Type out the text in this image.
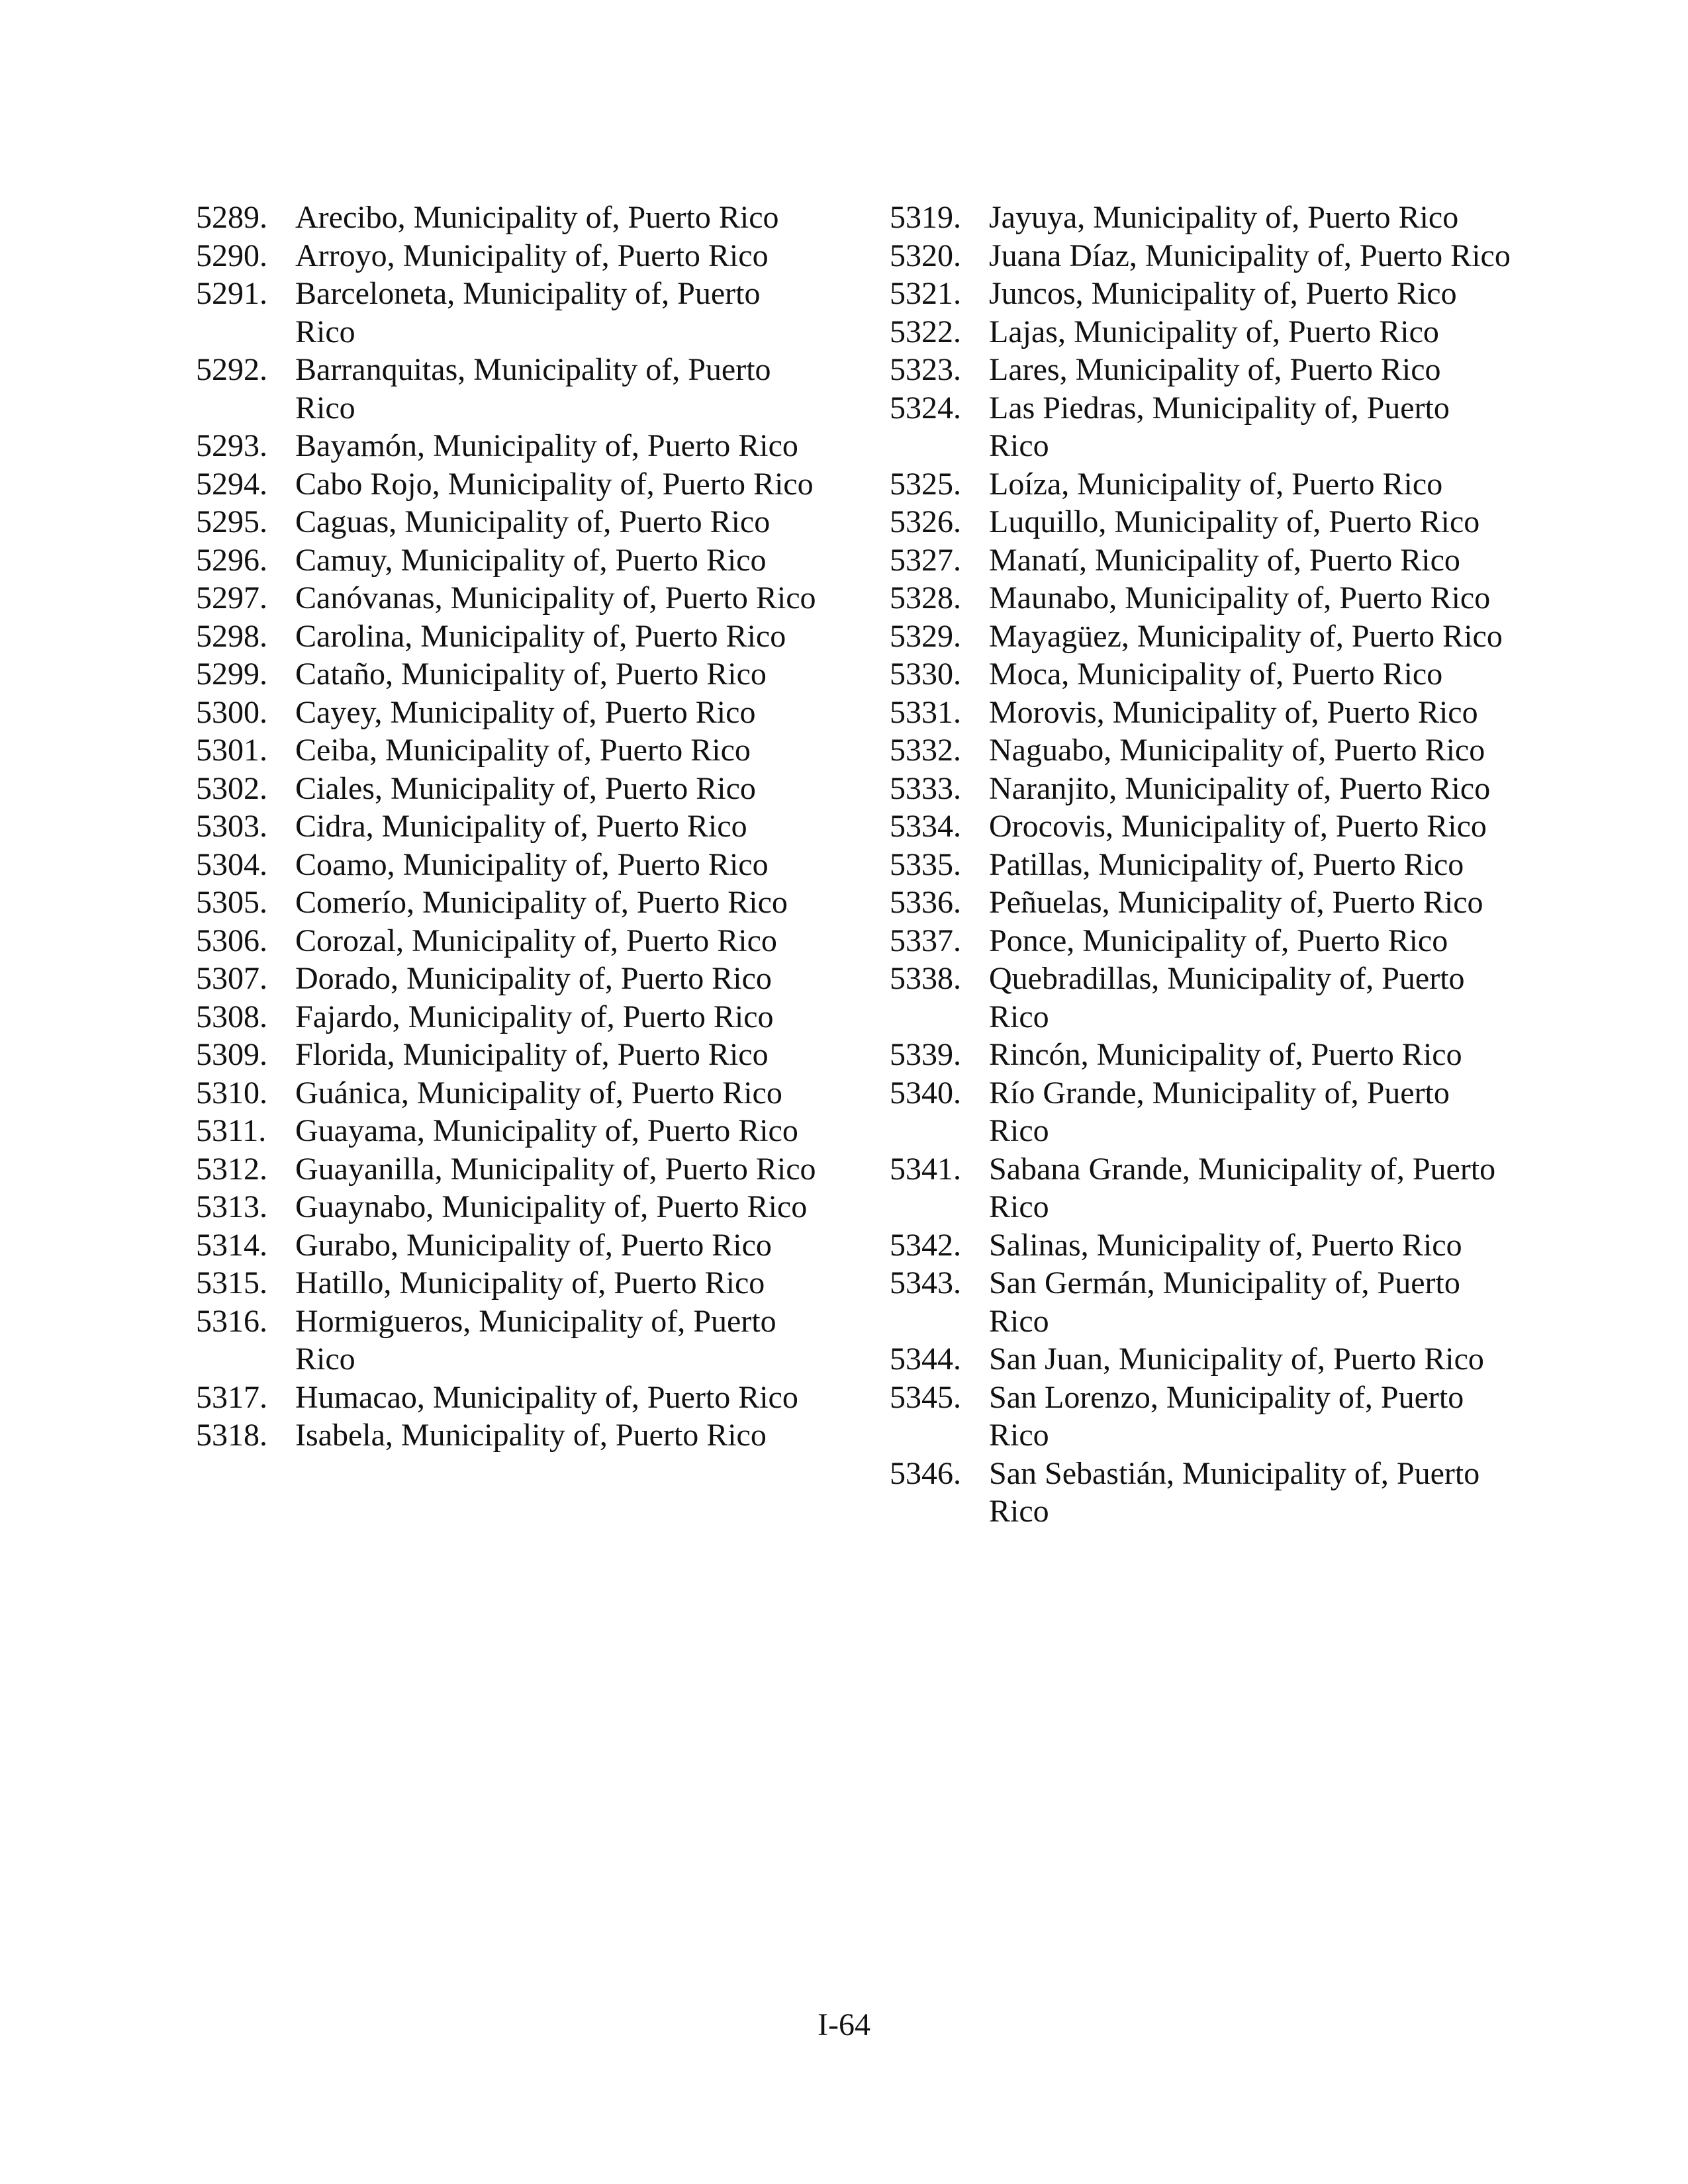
5289. Arecibo, Municipality of, Puerto Rico
5290. Arroyo, Municipality of, Puerto Rico
5291. Barceloneta, Municipality of, Puerto Rico
5292. Barranquitas, Municipality of, Puerto Rico
5293. Bayamón, Municipality of, Puerto Rico
5294. Cabo Rojo, Municipality of, Puerto Rico
5295. Caguas, Municipality of, Puerto Rico
5296. Camuy, Municipality of, Puerto Rico
5297. Canóvanas, Municipality of, Puerto Rico
5298. Carolina, Municipality of, Puerto Rico
5299. Cataño, Municipality of, Puerto Rico
5300. Cayey, Municipality of, Puerto Rico
5301. Ceiba, Municipality of, Puerto Rico
5302. Ciales, Municipality of, Puerto Rico
5303. Cidra, Municipality of, Puerto Rico
5304. Coamo, Municipality of, Puerto Rico
5305. Comerío, Municipality of, Puerto Rico
5306. Corozal, Municipality of, Puerto Rico
5307. Dorado, Municipality of, Puerto Rico
5308. Fajardo, Municipality of, Puerto Rico
5309. Florida, Municipality of, Puerto Rico
5310. Guánica, Municipality of, Puerto Rico
5311. Guayama, Municipality of, Puerto Rico
5312. Guayanilla, Municipality of, Puerto Rico
5313. Guaynabo, Municipality of, Puerto Rico
5314. Gurabo, Municipality of, Puerto Rico
5315. Hatillo, Municipality of, Puerto Rico
5316. Hormigueros, Municipality of, Puerto Rico
5317. Humacao, Municipality of, Puerto Rico
5318. Isabela, Municipality of, Puerto Rico
5319. Jayuya, Municipality of, Puerto Rico
5320. Juana Díaz, Municipality of, Puerto Rico
5321. Juncos, Municipality of, Puerto Rico
5322. Lajas, Municipality of, Puerto Rico
5323. Lares, Municipality of, Puerto Rico
5324. Las Piedras, Municipality of, Puerto Rico
5325. Loíza, Municipality of, Puerto Rico
5326. Luquillo, Municipality of, Puerto Rico
5327. Manatí, Municipality of, Puerto Rico
5328. Maunabo, Municipality of, Puerto Rico
5329. Mayagüez, Municipality of, Puerto Rico
5330. Moca, Municipality of, Puerto Rico
5331. Morovis, Municipality of, Puerto Rico
5332. Naguabo, Municipality of, Puerto Rico
5333. Naranjito, Municipality of, Puerto Rico
5334. Orocovis, Municipality of, Puerto Rico
5335. Patillas, Municipality of, Puerto Rico
5336. Peñuelas, Municipality of, Puerto Rico
5337. Ponce, Municipality of, Puerto Rico
5338. Quebradillas, Municipality of, Puerto Rico
5339. Rincón, Municipality of, Puerto Rico
5340. Río Grande, Municipality of, Puerto Rico
5341. Sabana Grande, Municipality of, Puerto Rico
5342. Salinas, Municipality of, Puerto Rico
5343. San Germán, Municipality of, Puerto Rico
5344. San Juan, Municipality of, Puerto Rico
5345. San Lorenzo, Municipality of, Puerto Rico
5346. San Sebastián, Municipality of, Puerto Rico
I-64
